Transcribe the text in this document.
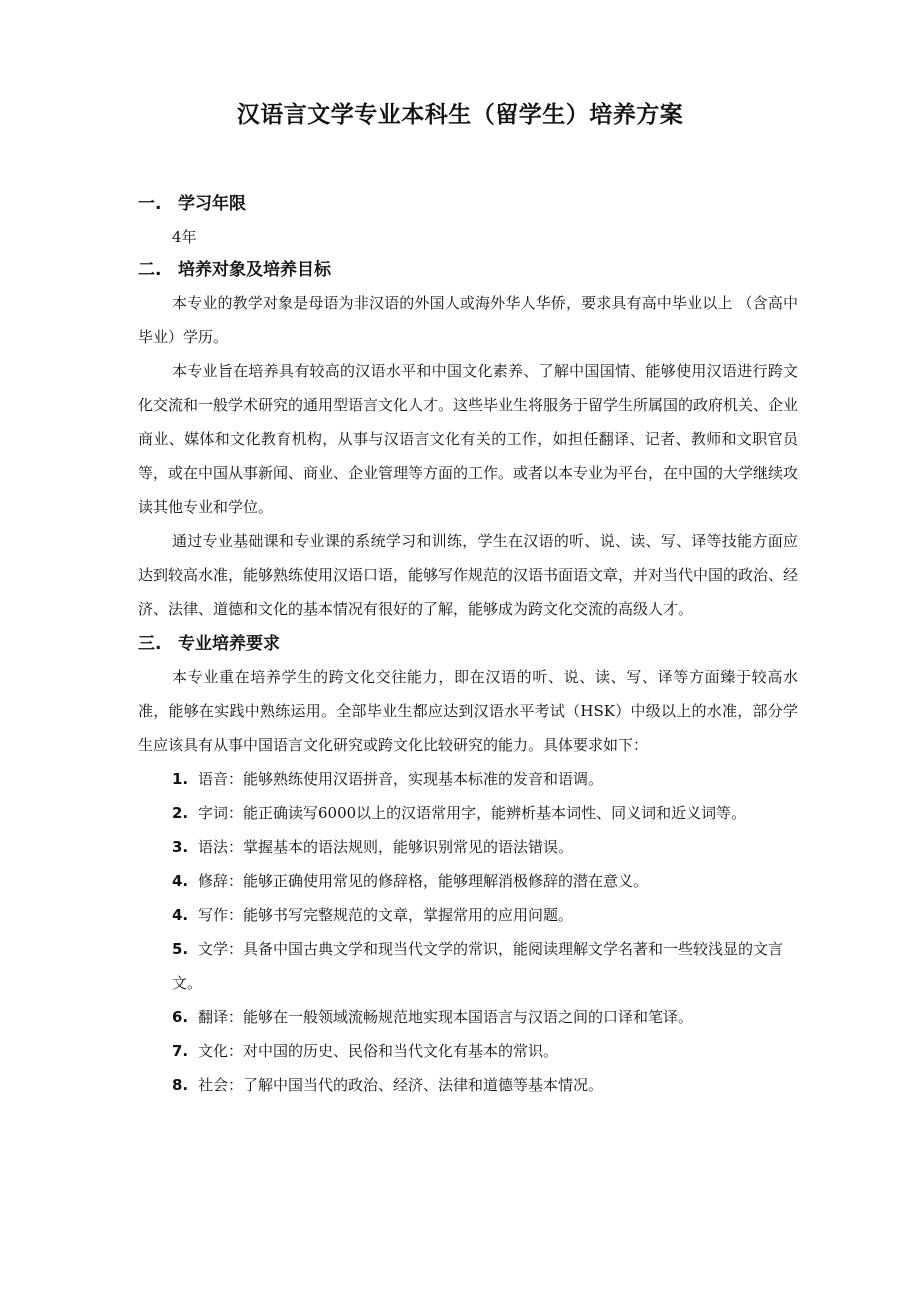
汉语言文学专业本科生（留学生）培养方案
一. 学习年限

4年

二. 培养对象及培养目标

本专业的教学对象是母语为非汉语的外国人或海外华人华侨，要求具有高中毕业以上 （含高中毕业）学历。

本专业旨在培养具有较高的汉语水平和中国文化素养、了解中国国情、能够使用汉语进行跨文化交流和一般学术研究的通用型语言文化人才。这些毕业生将服务于留学生所属国的政府机关、企业商业、媒体和文化教育机构，从事与汉语言文化有关的工作，如担任翻译、记者、教师和文职官员等，或在中国从事新闻、商业、企业管理等方面的工作。或者以本专业为平台，在中国的大学继续攻读其他专业和学位。

通过专业基础课和专业课的系统学习和训练，学生在汉语的听、说、读、写、译等技能方面应达到较高水准，能够熟练使用汉语口语，能够写作规范的汉语书面语文章，并对当代中国的政治、经济、法律、道德和文化的基本情况有很好的了解，能够成为跨文化交流的高级人才。

三. 专业培养要求

本专业重在培养学生的跨文化交往能力，即在汉语的听、说、读、写、译等方面臻于较高水准，能够在实践中熟练运用。全部毕业生都应达到汉语水平考试（HSK）中级以上的水准，部分学生应该具有从事中国语言文化研究或跨文化比较研究的能力。具体要求如下：

1. 语音：能够熟练使用汉语拼音，实现基本标准的发音和语调。
2. 字词：能正确读写6000以上的汉语常用字，能辨析基本词性、同义词和近义词等。
3. 语法：掌握基本的语法规则，能够识别常见的语法错误。
4. 修辞：能够正确使用常见的修辞格，能够理解消极修辞的潜在意义。
4. 写作：能够书写完整规范的文章，掌握常用的应用问题。
5. 文学：具备中国古典文学和现当代文学的常识，能阅读理解文学名著和一些较浅显的文言文。
6. 翻译：能够在一般领域流畅规范地实现本国语言与汉语之间的口译和笔译。
7. 文化：对中国的历史、民俗和当代文化有基本的常识。
8. 社会：了解中国当代的政治、经济、法律和道德等基本情况。
